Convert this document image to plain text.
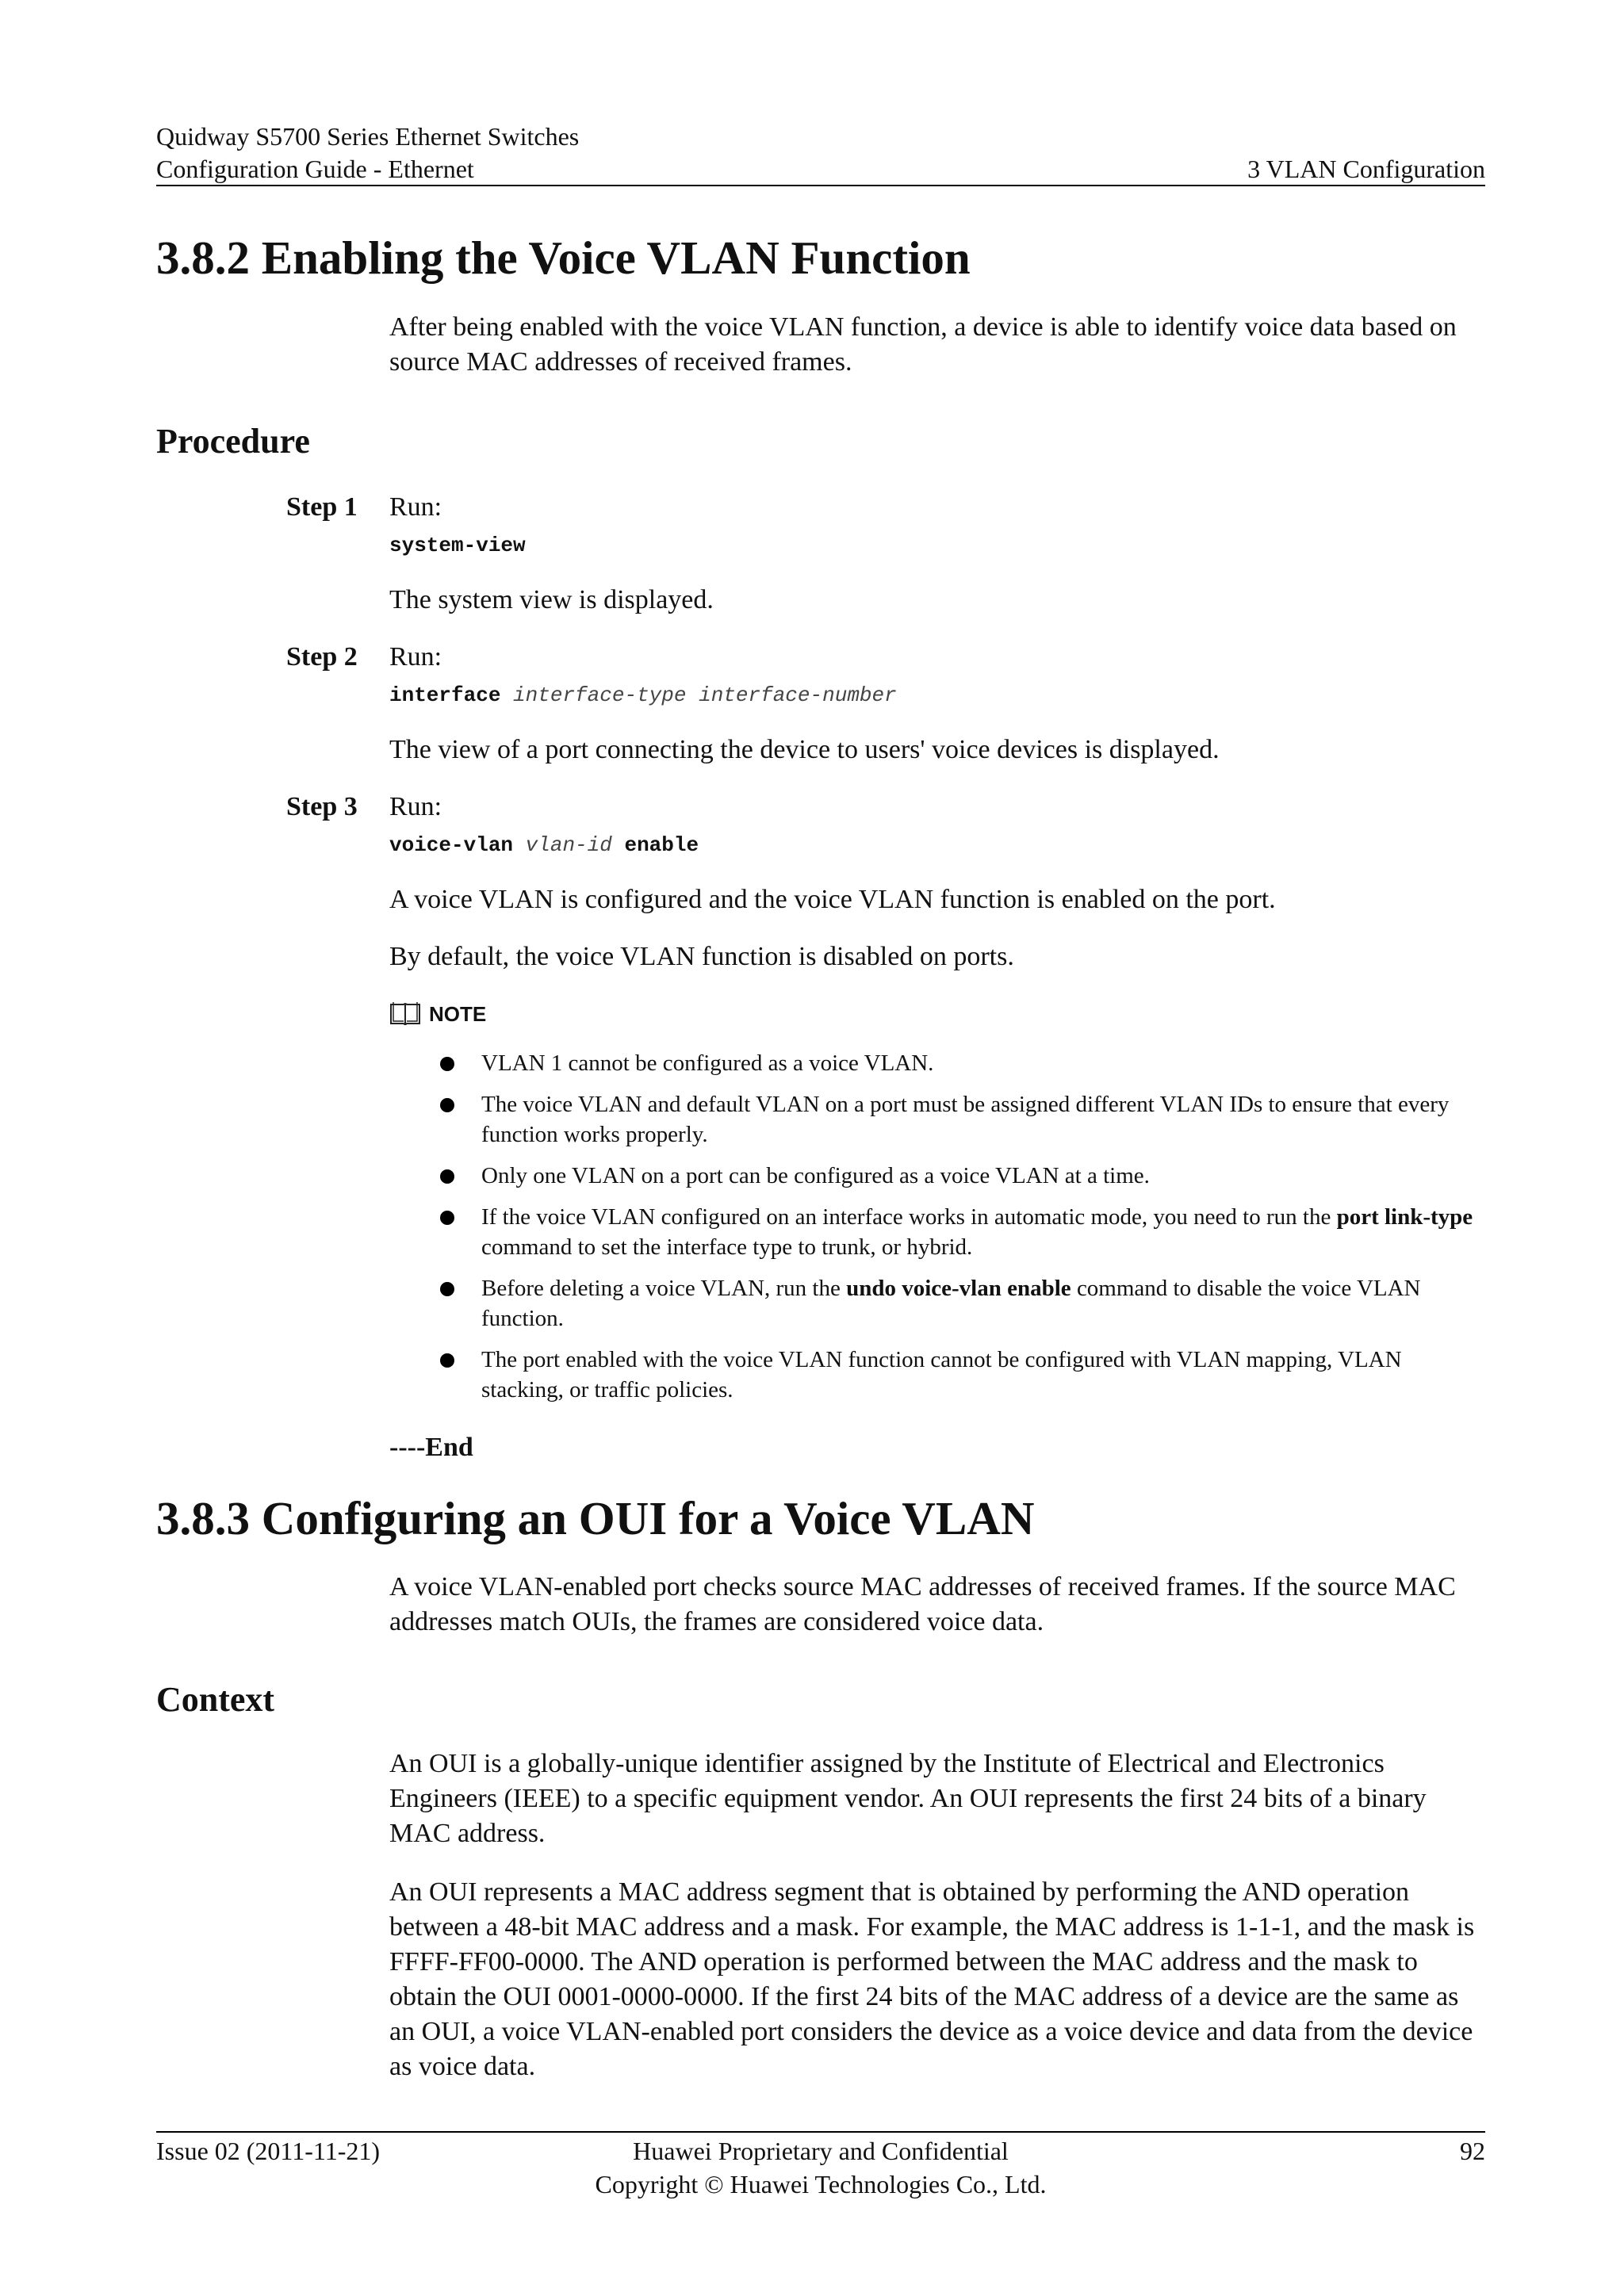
Quidway S5700 Series Ethernet Switches
Configuration Guide - Ethernet	3 VLAN Configuration
3.8.2 Enabling the Voice VLAN Function
After being enabled with the voice VLAN function, a device is able to identify voice data based on source MAC addresses of received frames.
Procedure
Step 1 Run:
system-view
The system view is displayed.
Step 2 Run:
interface interface-type interface-number
The view of a port connecting the device to users' voice devices is displayed.
Step 3 Run:
voice-vlan vlan-id enable
A voice VLAN is configured and the voice VLAN function is enabled on the port.
By default, the voice VLAN function is disabled on ports.
NOTE
VLAN 1 cannot be configured as a voice VLAN.
The voice VLAN and default VLAN on a port must be assigned different VLAN IDs to ensure that every function works properly.
Only one VLAN on a port can be configured as a voice VLAN at a time.
If the voice VLAN configured on an interface works in automatic mode, you need to run the port link-type command to set the interface type to trunk, or hybrid.
Before deleting a voice VLAN, run the undo voice-vlan enable command to disable the voice VLAN function.
The port enabled with the voice VLAN function cannot be configured with VLAN mapping, VLAN stacking, or traffic policies.
----End
3.8.3 Configuring an OUI for a Voice VLAN
A voice VLAN-enabled port checks source MAC addresses of received frames. If the source MAC addresses match OUIs, the frames are considered voice data.
Context
An OUI is a globally-unique identifier assigned by the Institute of Electrical and Electronics Engineers (IEEE) to a specific equipment vendor. An OUI represents the first 24 bits of a binary MAC address.
An OUI represents a MAC address segment that is obtained by performing the AND operation between a 48-bit MAC address and a mask. For example, the MAC address is 1-1-1, and the mask is FFFF-FF00-0000. The AND operation is performed between the MAC address and the mask to obtain the OUI 0001-0000-0000. If the first 24 bits of the MAC address of a device are the same as an OUI, a voice VLAN-enabled port considers the device as a voice device and data from the device as voice data.
Issue 02 (2011-11-21)	Huawei Proprietary and Confidential
Copyright © Huawei Technologies Co., Ltd.
92
